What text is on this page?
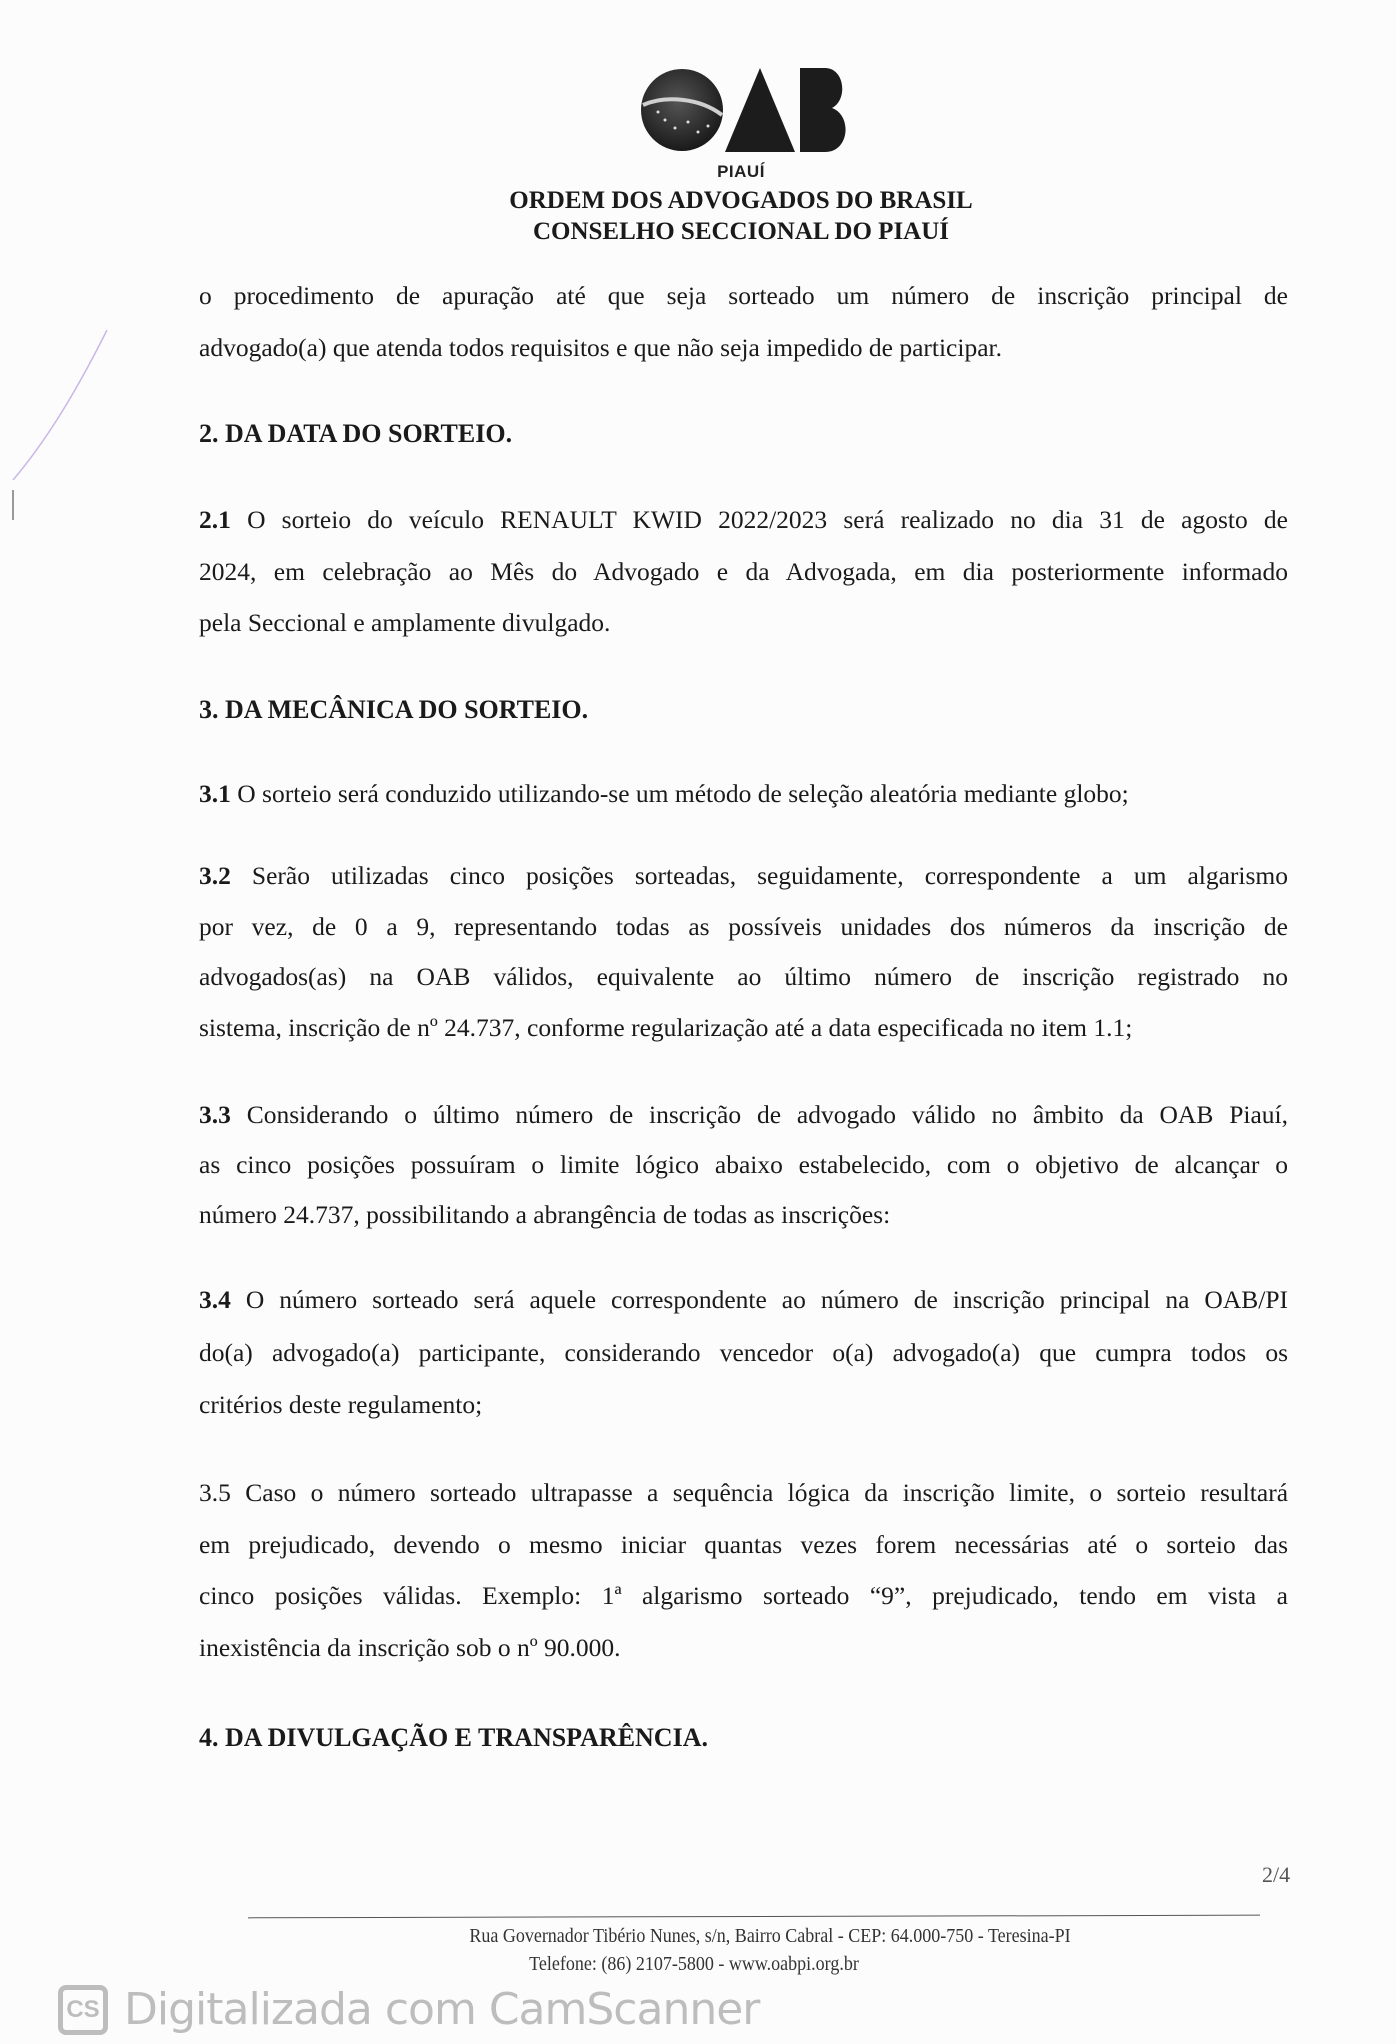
PIAUÍ
ORDEM DOS ADVOGADOS DO BRASIL
CONSELHO SECCIONAL DO PIAUÍ
o procedimento de apuração até que seja sorteado um número de inscrição principal de
advogado(a) que atenda todos requisitos e que não seja impedido de participar.
2. DA DATA DO SORTEIO.
2.1 O sorteio do veículo RENAULT KWID 2022/2023 será realizado no dia 31 de agosto de
2024, em celebração ao Mês do Advogado e da Advogada, em dia posteriormente informado
pela Seccional e amplamente divulgado.
3. DA MECÂNICA DO SORTEIO.
3.1 O sorteio será conduzido utilizando-se um método de seleção aleatória mediante globo;
3.2 Serão utilizadas cinco posições sorteadas, seguidamente, correspondente a um algarismo
por vez, de 0 a 9, representando todas as possíveis unidades dos números da inscrição de
advogados(as) na OAB válidos, equivalente ao último número de inscrição registrado no
sistema, inscrição de nº 24.737, conforme regularização até a data especificada no item 1.1;
3.3 Considerando o último número de inscrição de advogado válido no âmbito da OAB Piauí,
as cinco posições possuíram o limite lógico abaixo estabelecido, com o objetivo de alcançar o
número 24.737, possibilitando a abrangência de todas as inscrições:
3.4 O número sorteado será aquele correspondente ao número de inscrição principal na OAB/PI
do(a) advogado(a) participante, considerando vencedor o(a) advogado(a) que cumpra todos os
critérios deste regulamento;
3.5 Caso o número sorteado ultrapasse a sequência lógica da inscrição limite, o sorteio resultará
em prejudicado, devendo o mesmo iniciar quantas vezes forem necessárias até o sorteio das
cinco posições válidas. Exemplo: 1ª algarismo sorteado “9”, prejudicado, tendo em vista a
inexistência da inscrição sob o nº 90.000.
4. DA DIVULGAÇÃO E TRANSPARÊNCIA.
2/4
Rua Governador Tibério Nunes, s/n, Bairro Cabral - CEP: 64.000-750 - Teresina-PI
Telefone: (86) 2107-5800 - www.oabpi.org.br
CS Digitalizada com CamScanner
